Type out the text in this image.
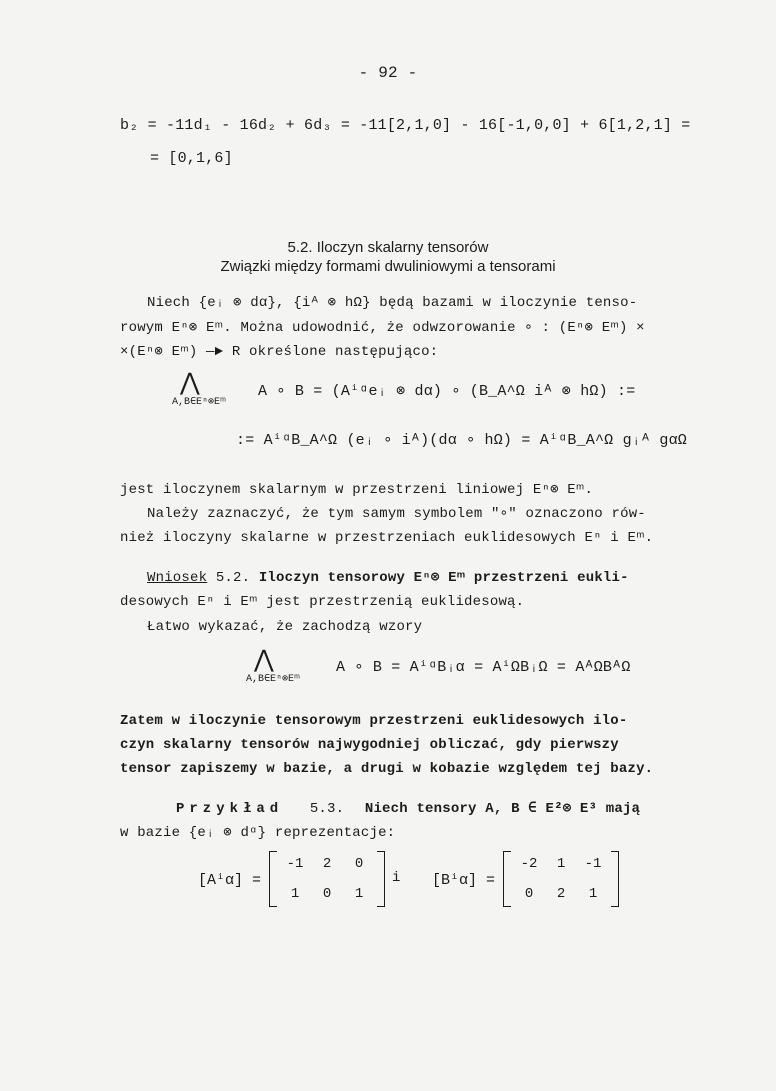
- 92 -
b₂ = -11d₁ - 16d₂ + 6d₃ = -11[2,1,0] - 16[-1,0,0] + 6[1,2,1] =
= [0,1,6]
5.2. Iloczyn skalarny tensorów
Związki między formami dwuliniowymi a tensorami
Niech {eᵢ ⊗ dα}, {iᴬ ⊗ hΩ} będą bazami w iloczynie tenso-
rowym Eⁿ⊗ Eᵐ. Można udowodnić, że odwzorowanie ∘ : (Eⁿ⊗ Eᵐ) ×
×(Eⁿ⊗ Eᵐ) —► R określone następująco:
⋀
A,B∈Eⁿ⊗Eᵐ
A ∘ B = (Aⁱᵅeᵢ ⊗ dα) ∘ (B_A^Ω iᴬ ⊗ hΩ) :=
:= AⁱᵅB_A^Ω (eᵢ ∘ iᴬ)(dα ∘ hΩ) = AⁱᵅB_A^Ω gᵢᴬ gαΩ
jest iloczynem skalarnym w przestrzeni liniowej Eⁿ⊗ Eᵐ.
Należy zaznaczyć, że tym samym symbolem "∘" oznaczono rów-
nież iloczyny skalarne w przestrzeniach euklidesowych Eⁿ i Eᵐ.
Wniosek 5.2. Iloczyn tensorowy Eⁿ⊗ Eᵐ przestrzeni eukli-
desowych Eⁿ i Eᵐ jest przestrzenią euklidesową.
Łatwo wykazać, że zachodzą wzory
⋀
A,B∈Eⁿ⊗Eᵐ
A ∘ B = AⁱᵅBᵢα = AⁱΩBᵢΩ = AᴬΩBᴬΩ
Zatem w iloczynie tensorowym przestrzeni euklidesowych ilo-
czyn skalarny tensorów najwygodniej obliczać, gdy pierwszy
tensor zapiszemy w bazie, a drugi w kobazie względem tej bazy.
Przykład 5.3. Niech tensory A, B ∈ E²⊗ E³ mają
w bazie {eᵢ ⊗ dᵅ} reprezentacje:
[Aⁱα] =
-1	2	0
1	0	1
i [Bⁱα] =
-2	1	-1
0	2	1
